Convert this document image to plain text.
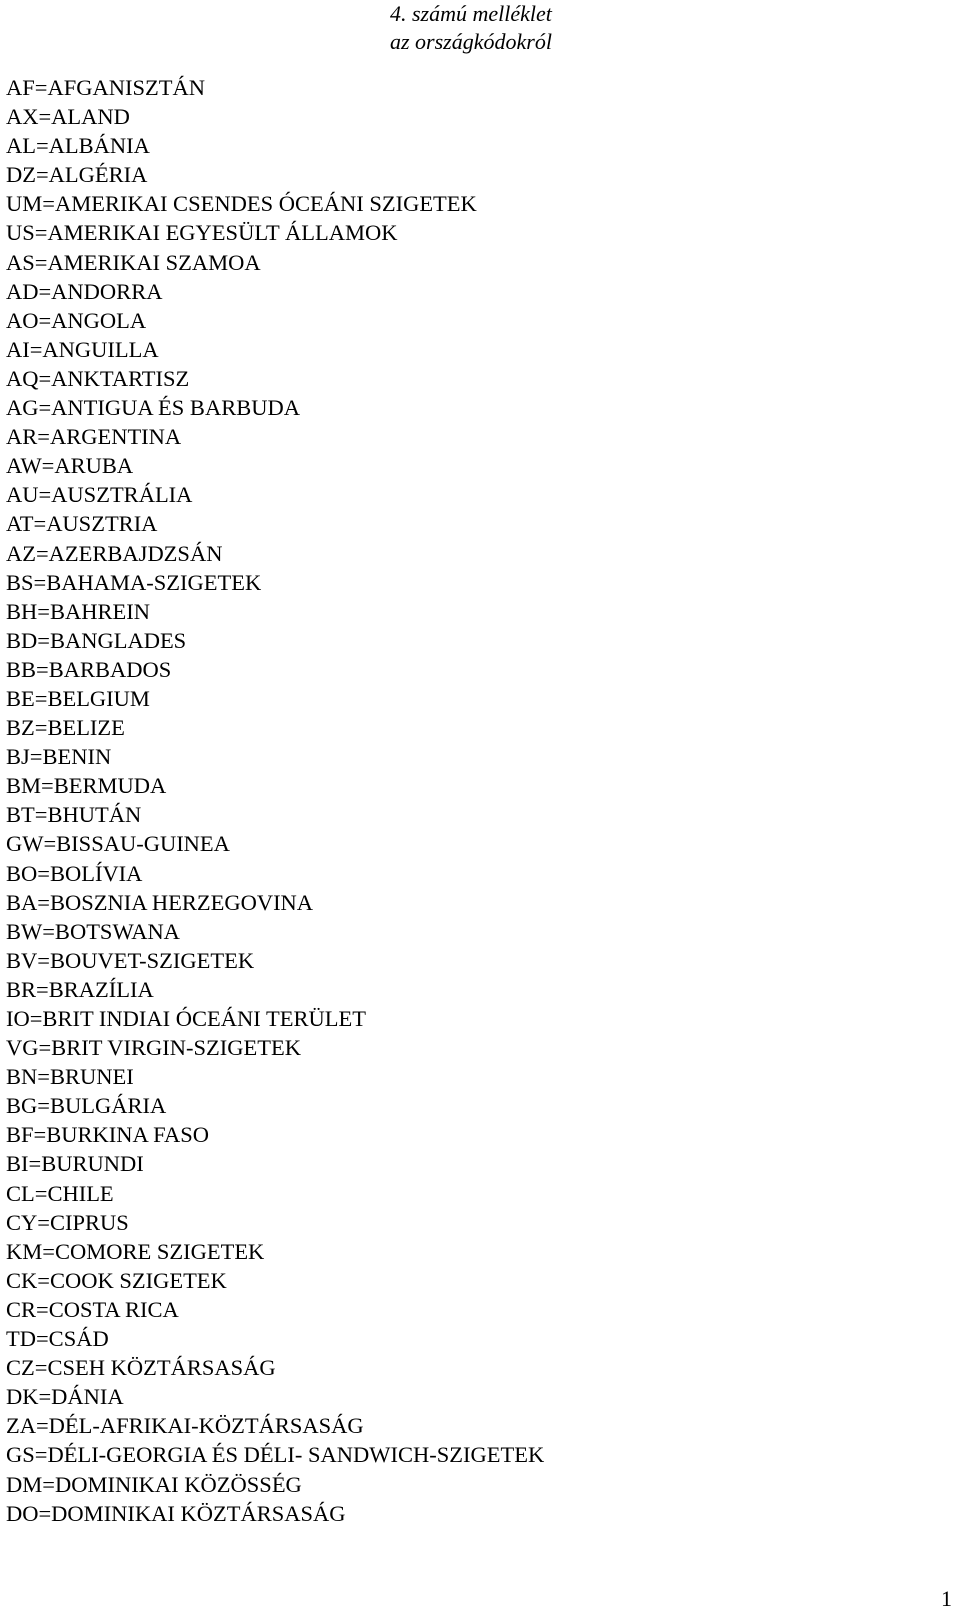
4. számú melléklet
az országkódokról
AF=AFGANISZTÁN
AX=ALAND
AL=ALBÁNIA
DZ=ALGÉRIA
UM=AMERIKAI CSENDES ÓCEÁNI SZIGETEK
US=AMERIKAI EGYESÜLT ÁLLAMOK
AS=AMERIKAI SZAMOA
AD=ANDORRA
AO=ANGOLA
AI=ANGUILLA
AQ=ANKTARTISZ
AG=ANTIGUA ÉS BARBUDA
AR=ARGENTINA
AW=ARUBA
AU=AUSZTRÁLIA
AT=AUSZTRIA
AZ=AZERBAJDZSÁN
BS=BAHAMA-SZIGETEK
BH=BAHREIN
BD=BANGLADES
BB=BARBADOS
BE=BELGIUM
BZ=BELIZE
BJ=BENIN
BM=BERMUDA
BT=BHUTÁN
GW=BISSAU-GUINEA
BO=BOLÍVIA
BA=BOSZNIA HERZEGOVINA
BW=BOTSWANA
BV=BOUVET-SZIGETEK
BR=BRAZÍLIA
IO=BRIT INDIAI ÓCEÁNI TERÜLET
VG=BRIT VIRGIN-SZIGETEK
BN=BRUNEI
BG=BULGÁRIA
BF=BURKINA FASO
BI=BURUNDI
CL=CHILE
CY=CIPRUS
KM=COMORE SZIGETEK
CK=COOK SZIGETEK
CR=COSTA RICA
TD=CSÁD
CZ=CSEH KÖZTÁRSASÁG
DK=DÁNIA
ZA=DÉL-AFRIKAI-KÖZTÁRSASÁG
GS=DÉLI-GEORGIA ÉS DÉLI- SANDWICH-SZIGETEK
DM=DOMINIKAI KÖZÖSSÉG
DO=DOMINIKAI KÖZTÁRSASÁG
1
